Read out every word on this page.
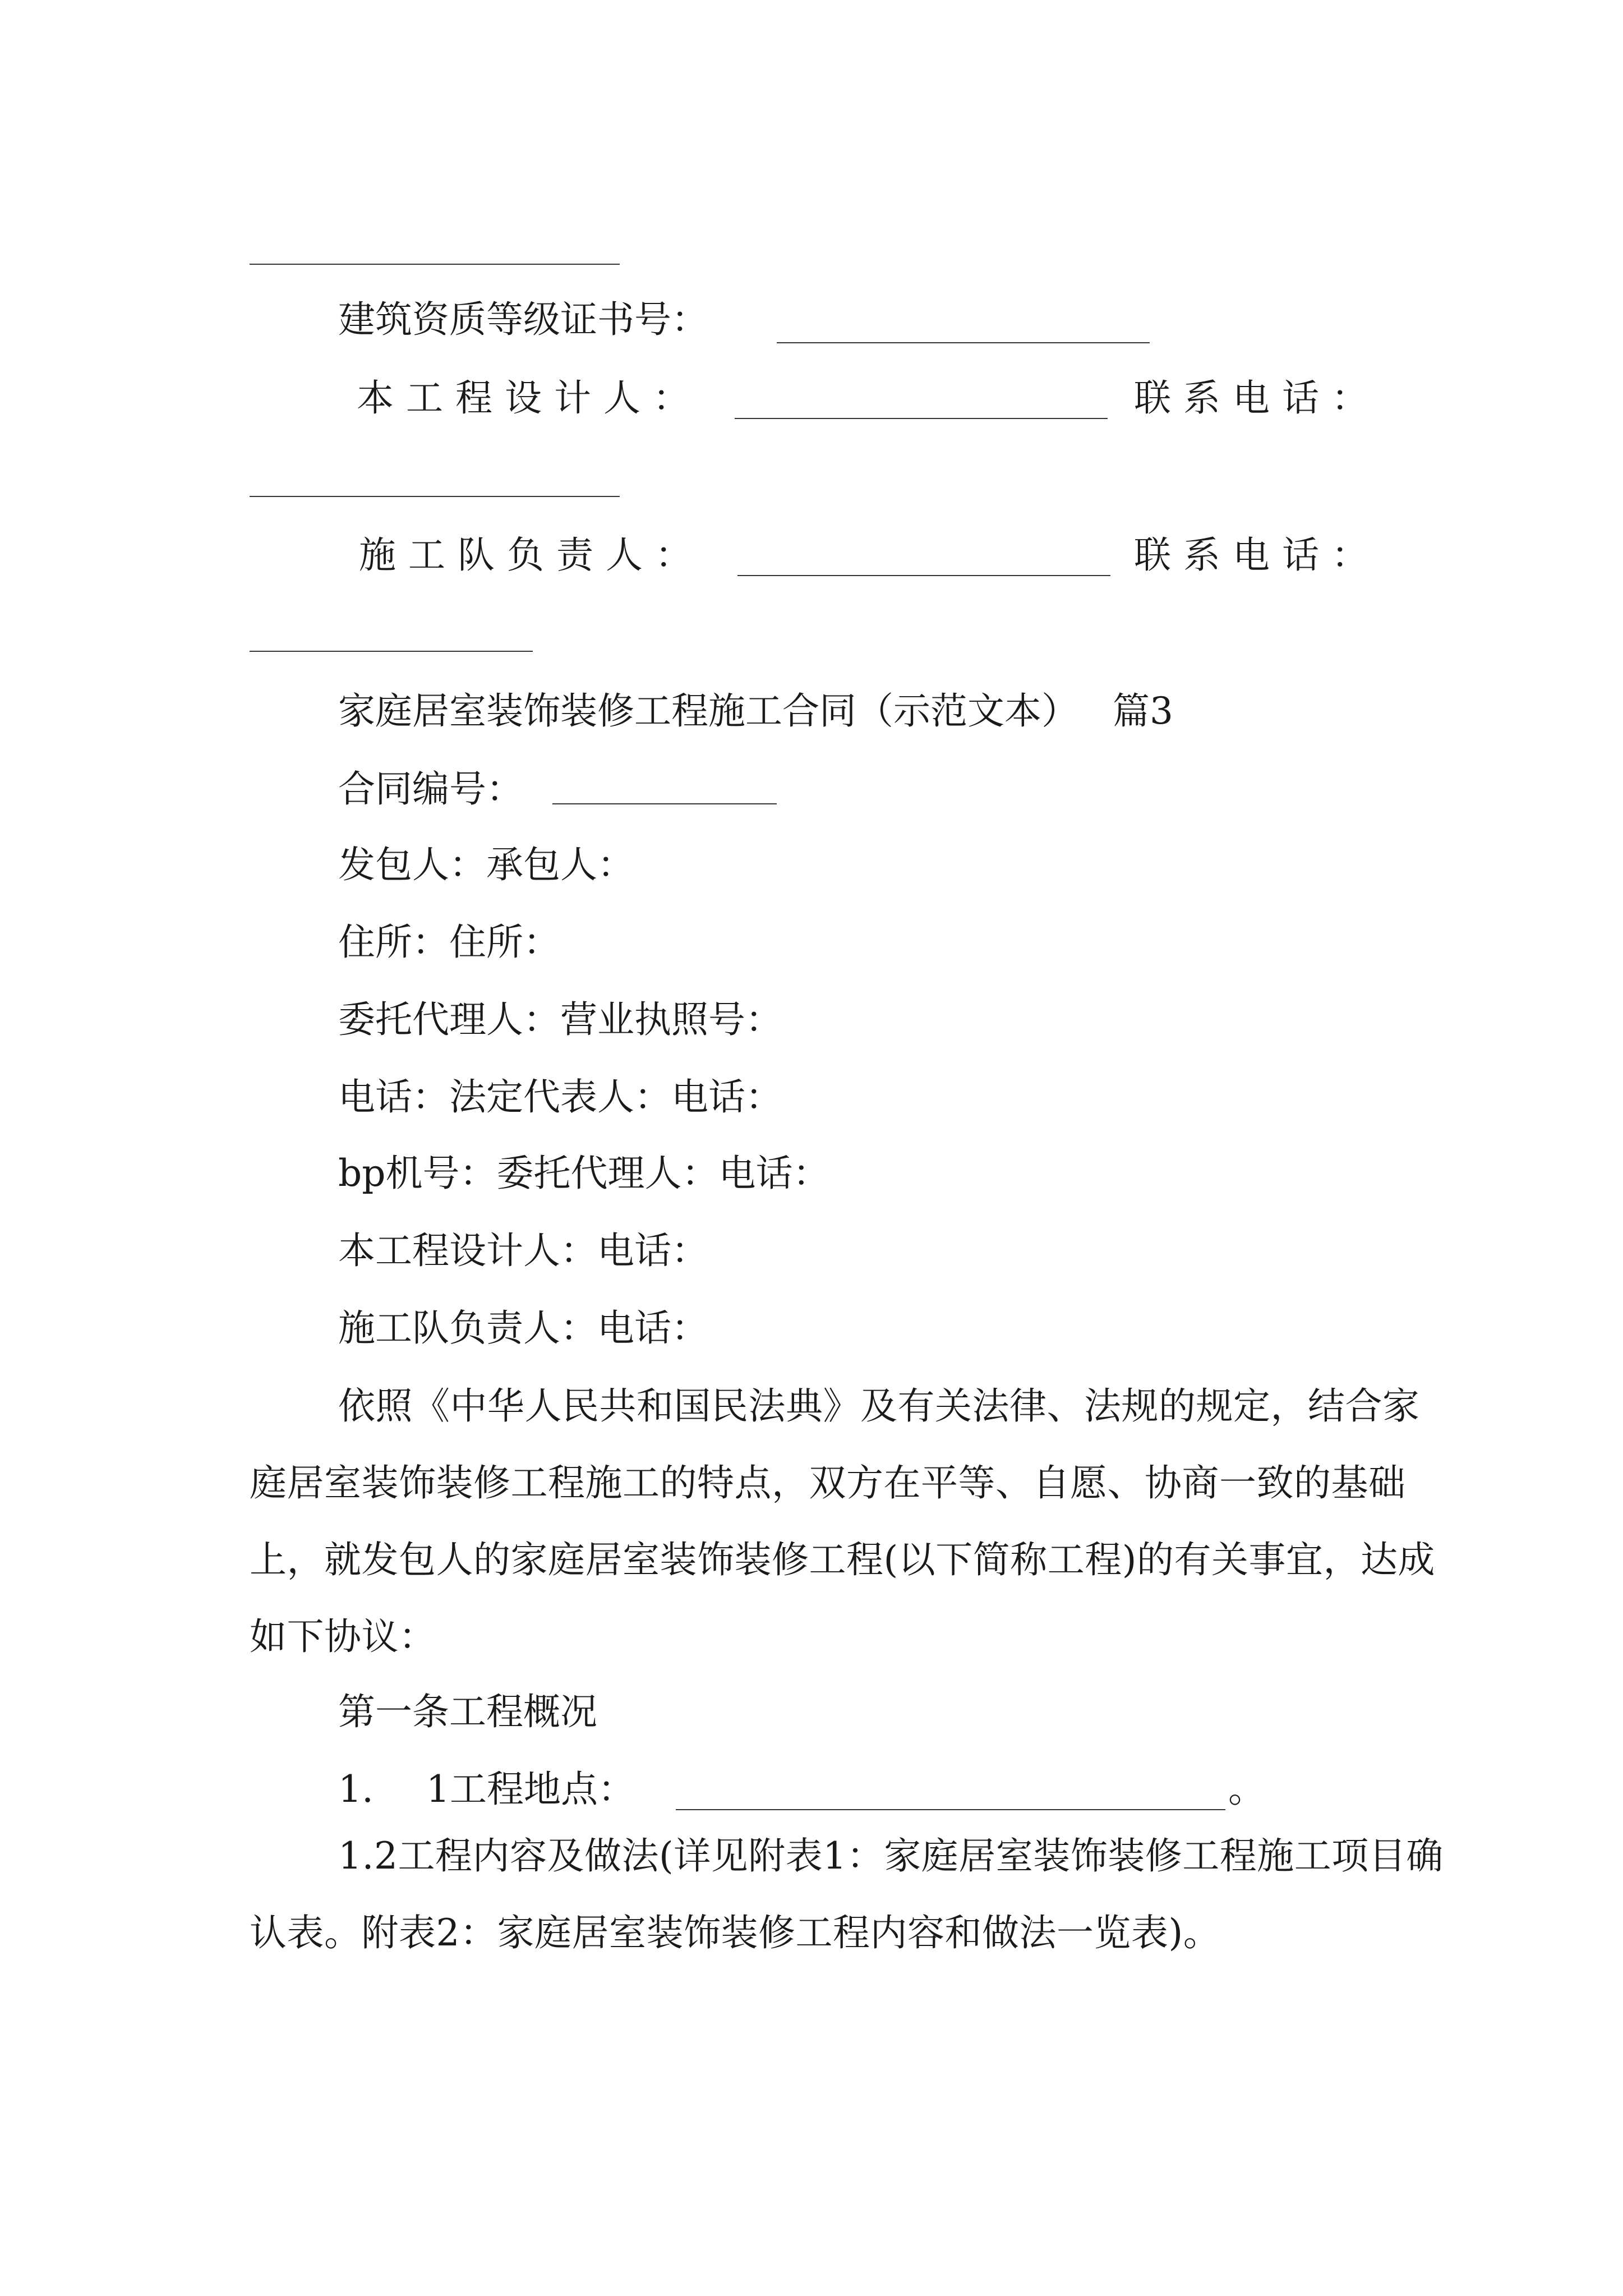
建筑资质等级证书号：
本工程设计人：	联系电话：
施工队负责人：	联系电话：
家庭居室装饰装修工程施工合同（示范文本） 篇3
合同编号：
发包人：承包人：
住所：住所：
委托代理人：营业执照号：
电话：法定代表人：电话：
bp机号：委托代理人：电话：
本工程设计人：电话：
施工队负责人：电话：
依照《中华人民共和国民法典》及有关法律、法规的规定，结合家庭居室装饰装修工程施工的特点，双方在平等、自愿、协商一致的基础上，就发包人的家庭居室装饰装修工程(以下简称工程)的有关事宜，达成如下协议：
第一条工程概况
1. 1工程地点：	。
1.2工程内容及做法(详见附表1：家庭居室装饰装修工程施工项目确认表。附表2：家庭居室装饰装修工程内容和做法一览表)。
